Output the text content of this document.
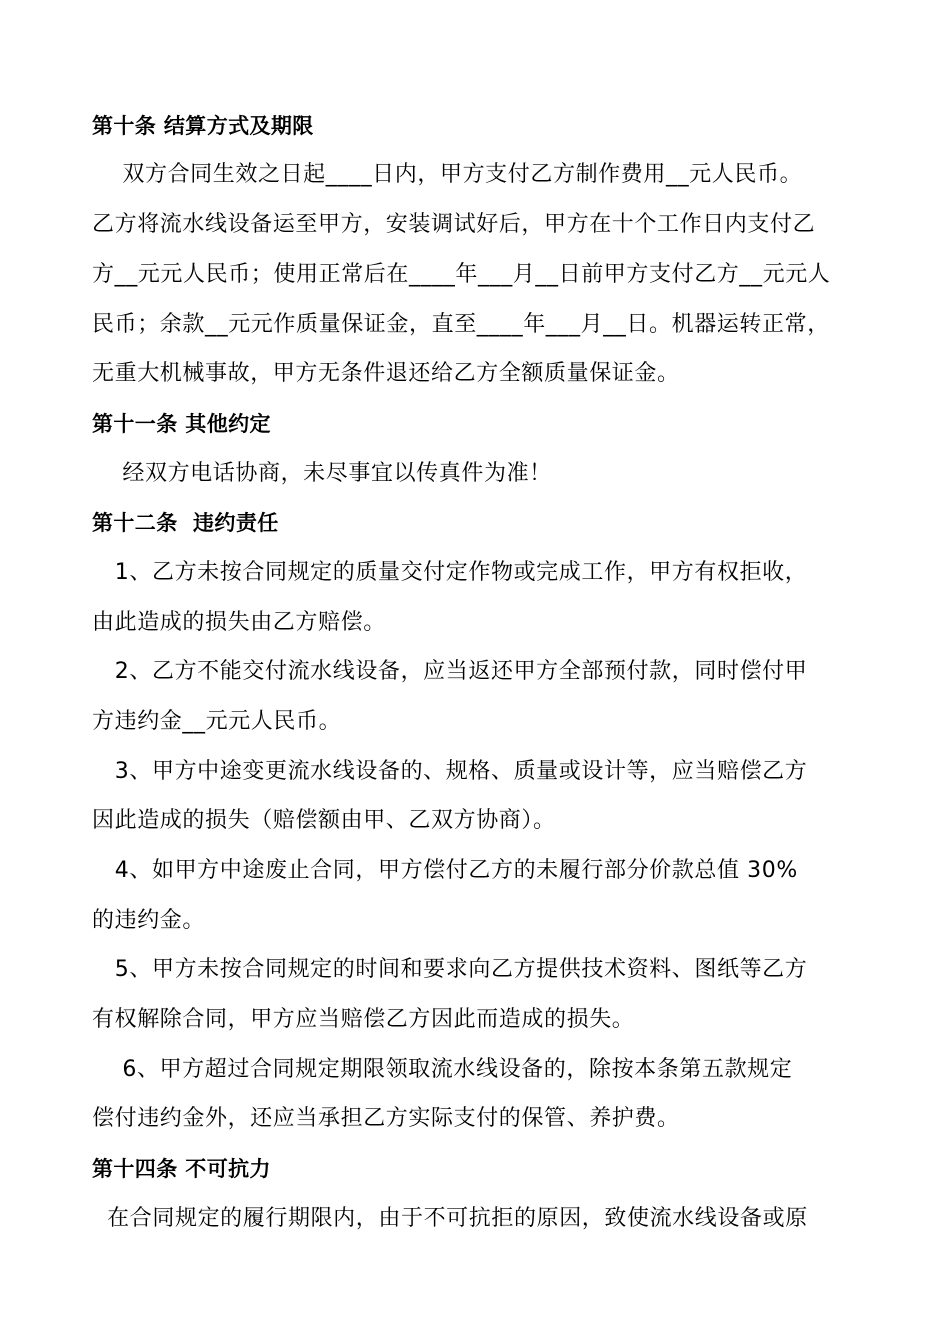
第十条 结算方式及期限
双方合同生效之日起____日内，甲方支付乙方制作费用__元人民币。
乙方将流水线设备运至甲方，安装调试好后，甲方在十个工作日内支付乙
方__元元人民币；使用正常后在____年___月__日前甲方支付乙方__元元人
民币；余款__元元作质量保证金，直至____年___月__日。机器运转正常，
无重大机械事故，甲方无条件退还给乙方全额质量保证金。
第十一条 其他约定
经双方电话协商，未尽事宜以传真件为准！
第十二条  违约责任
1、乙方未按合同规定的质量交付定作物或完成工作，甲方有权拒收，
由此造成的损失由乙方赔偿。
2、乙方不能交付流水线设备，应当返还甲方全部预付款，同时偿付甲
方违约金__元元人民币。
3、甲方中途变更流水线设备的、规格、质量或设计等，应当赔偿乙方
因此造成的损失（赔偿额由甲、乙双方协商）。
4、如甲方中途废止合同，甲方偿付乙方的未履行部分价款总值 30%
的违约金。
5、甲方未按合同规定的时间和要求向乙方提供技术资料、图纸等乙方
有权解除合同，甲方应当赔偿乙方因此而造成的损失。
6、甲方超过合同规定期限领取流水线设备的，除按本条第五款规定
偿付违约金外，还应当承担乙方实际支付的保管、养护费。
第十四条 不可抗力
在合同规定的履行期限内，由于不可抗拒的原因，致使流水线设备或原
